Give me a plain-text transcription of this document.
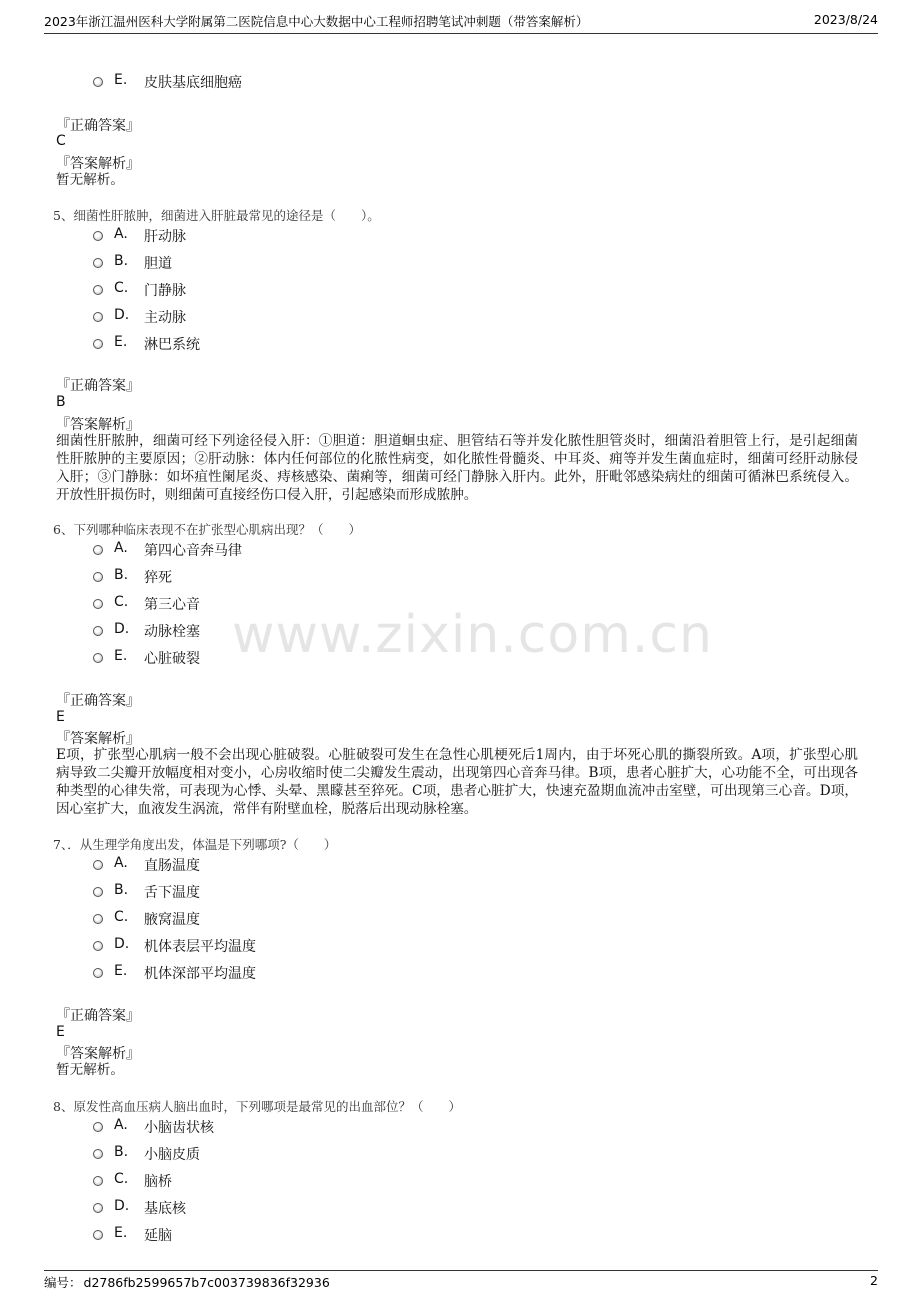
2023年浙江温州医科大学附属第二医院信息中心大数据中心工程师招聘笔试冲刺题（带答案解析）	2023/8/24
www.zixin.com.cn
E.	皮肤基底细胞癌
『正确答案』
C
『答案解析』
暂无解析。
5、细菌性肝脓肿，细菌进入肝脏最常见的途径是（　　）。
A.	肝动脉
B.	胆道
C.	门静脉
D.	主动脉
E.	淋巴系统
『正确答案』
B
『答案解析』
细菌性肝脓肿，细菌可经下列途径侵入肝：①胆道：胆道蛔虫症、胆管结石等并发化脓性胆管炎时，细菌沿着胆管上行，是引起细菌性肝脓肿的主要原因；②肝动脉：体内任何部位的化脓性病变，如化脓性骨髓炎、中耳炎、痈等并发生菌血症时，细菌可经肝动脉侵入肝；③门静脉：如坏疽性阑尾炎、痔核感染、菌痢等，细菌可经门静脉入肝内。此外，肝毗邻感染病灶的细菌可循淋巴系统侵入。开放性肝损伤时，则细菌可直接经伤口侵入肝，引起感染而形成脓肿。
6、下列哪种临床表现不在扩张型心肌病出现？（　　）
A.	第四心音奔马律
B.	猝死
C.	第三心音
D.	动脉栓塞
E.	心脏破裂
『正确答案』
E
『答案解析』
E项，扩张型心肌病一般不会出现心脏破裂。心脏破裂可发生在急性心肌梗死后1周内，由于坏死心肌的撕裂所致。A项，扩张型心肌病导致二尖瓣开放幅度相对变小，心房收缩时使二尖瓣发生震动，出现第四心音奔马律。B项，患者心脏扩大，心功能不全，可出现各种类型的心律失常，可表现为心悸、头晕、黑矇甚至猝死。C项，患者心脏扩大，快速充盈期血流冲击室壁，可出现第三心音。D项，因心室扩大，血液发生涡流，常伴有附壁血栓，脱落后出现动脉栓塞。
7、．从生理学角度出发，体温是下列哪项?（　　）
A.	直肠温度
B.	舌下温度
C.	腋窝温度
D.	机体表层平均温度
E.	机体深部平均温度
『正确答案』
E
『答案解析』
暂无解析。
8、原发性高血压病人脑出血时，下列哪项是最常见的出血部位？（　　）
A.	小脑齿状核
B.	小脑皮质
C.	脑桥
D.	基底核
E.	延脑
编号： d2786fb2599657b7c003739836f32936	2
